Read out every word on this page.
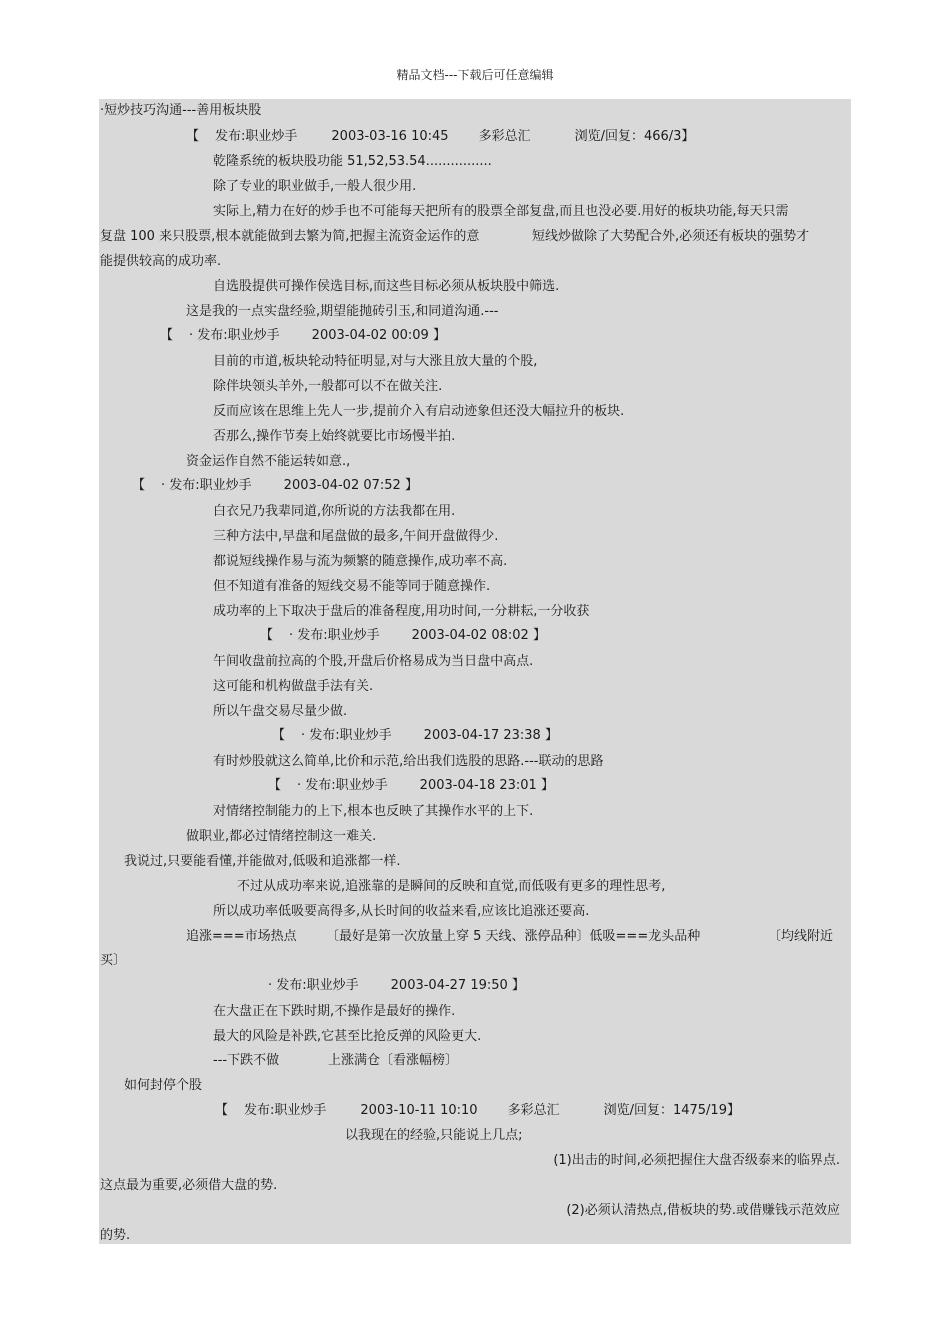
精品文档---下载后可任意编辑
·短炒技巧沟通---善用板块股
【 发布:职业炒手	2003-03-16 10:45 多彩总汇	浏览/回复：466/3】
乾隆系统的板块股功能 51,52,53.54................
除了专业的职业做手,一般人很少用.
实际上,精力在好的炒手也不可能每天把所有的股票全部复盘,而且也没必要.用好的板块功能,每天只需
复盘 100 来只股票,根本就能做到去繁为简,把握主流资金运作的意	短线炒做除了大势配合外,必须还有板块的强势才
能提供较高的成功率.
自选股提供可操作侯选目标,而这些目标必须从板块股中筛选.
这是我的一点实盘经验,期望能抛砖引玉,和同道沟通.---
【 · 发布:职业炒手 2003-04-02 00:09 】
目前的市道,板块轮动特征明显,对与大涨且放大量的个股,
除伴块领头羊外,一般都可以不在做关注.
反而应该在思维上先人一步,提前介入有启动迹象但还没大幅拉升的板块.
否那么,操作节奏上始终就要比市场慢半拍.
资金运作自然不能运转如意.,
【 · 发布:职业炒手 2003-04-02 07:52 】
白衣兄乃我辈同道,你所说的方法我都在用.
三种方法中,早盘和尾盘做的最多,午间开盘做得少.
都说短线操作易与流为频繁的随意操作,成功率不高.
但不知道有准备的短线交易不能等同于随意操作.
成功率的上下取决于盘后的准备程度,用功时间,一分耕耘,一分收获
【 · 发布:职业炒手 2003-04-02 08:02 】
午间收盘前拉高的个股,开盘后价格易成为当日盘中高点.
这可能和机构做盘手法有关.
所以午盘交易尽量少做.
【 · 发布:职业炒手 2003-04-17 23:38 】
有时炒股就这么简单,比价和示范,给出我们选股的思路.---联动的思路
【 · 发布:职业炒手 2003-04-18 23:01 】
对情绪控制能力的上下,根本也反映了其操作水平的上下.
做职业,都必过情绪控制这一难关.
我说过,只要能看懂,并能做对,低吸和追涨都一样.
不过从成功率来说,追涨靠的是瞬间的反映和直觉,而低吸有更多的理性思考,
所以成功率低吸要高得多,从长时间的收益来看,应该比追涨还要高.
追涨===市场热点 〔最好是第一次放量上穿 5 天线、涨停品种〕低吸===龙头品种	〔均线附近
买〕
· 发布:职业炒手 2003-04-27 19:50 】
在大盘正在下跌时期,不操作是最好的操作.
最大的风险是补跌,它甚至比抢反弹的风险更大.
---下跌不做	上涨满仓〔看涨幅榜〕
如何封停个股
【 发布:职业炒手	2003-10-11 10:10 多彩总汇	浏览/回复：1475/19】
以我现在的经验,只能说上几点;
(1)出击的时间,必须把握住大盘否级泰来的临界点.
这点最为重要,必须借大盘的势.
(2)必须认清热点,借板块的势.或借赚钱示范效应
的势.
